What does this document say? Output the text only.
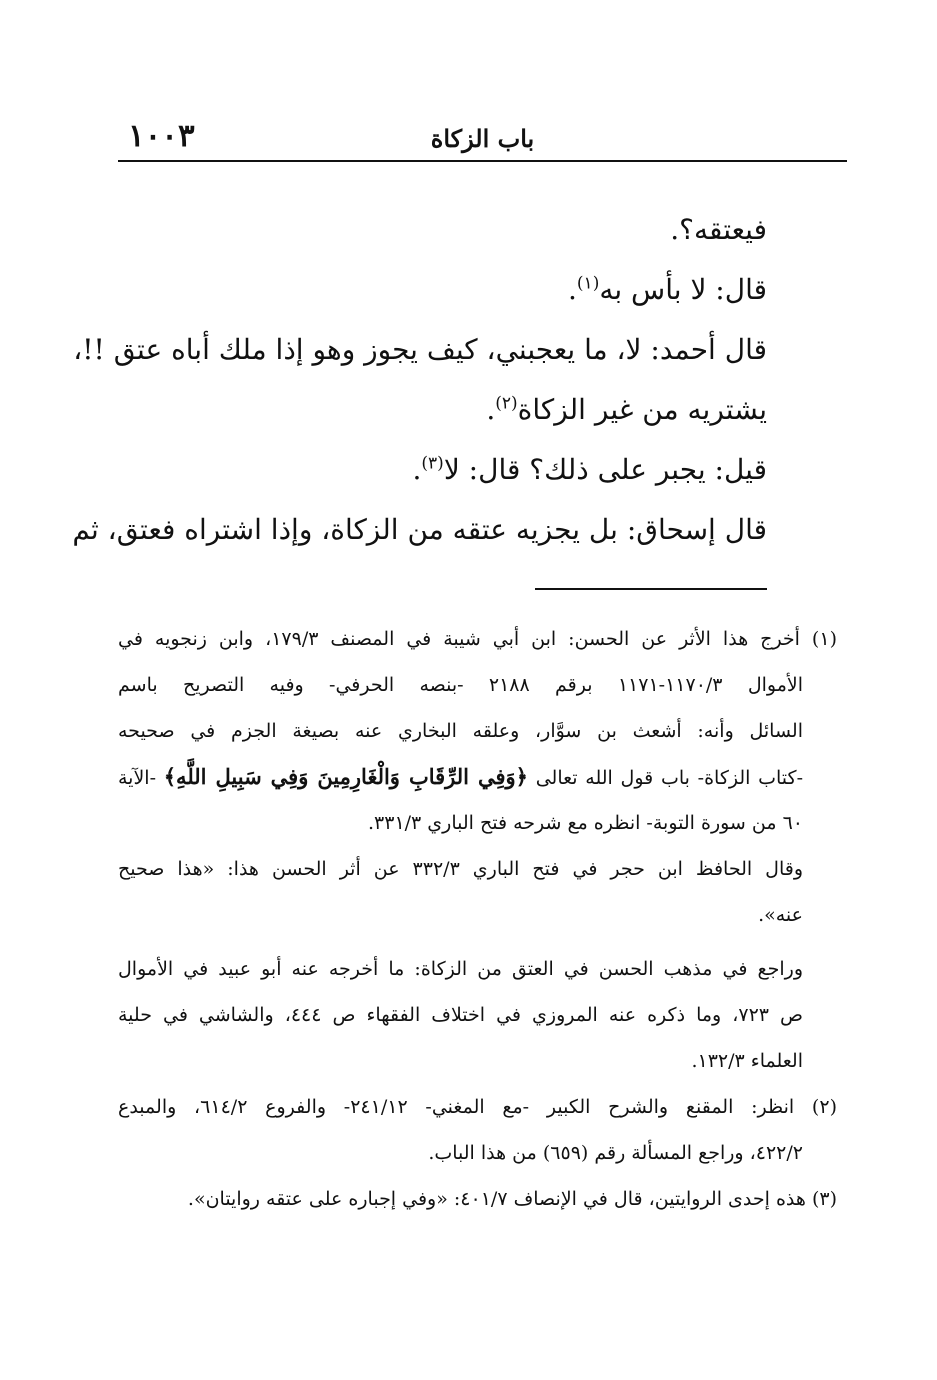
١٠٠٣	باب الزكاة
فيعتقه؟.
قال: لا بأس به$^{(١)}$.
قال أحمد: لا، ما يعجبني، كيف يجوز وهو إذا ملك أباه عتق !!،
يشتريه من غير الزكاة$^{(٢)}$.
قيل: يجبر على ذلك؟ قال: لا$^{(٣)}$.
قال إسحاق: بل يجزيه عتقه من الزكاة، وإذا اشتراه فعتق، ثم
(١) أخرج هذا الأثر عن الحسن: ابن أبي شيبة في المصنف ١٧٩/٣، وابن زنجويه في
الأموال ١١٧٠/٣-١١٧١ برقم ٢١٨٨ -بنصه الحرفي- وفيه التصريح باسم
السائل وأنه: أشعث بن سوَّار، وعلقه البخاري عنه بصيغة الجزم في صحيحه
-كتاب الزكاة- باب قول الله تعالى ﴿وَفِي الرِّقَابِ وَالْغَارِمِينَ وَفِي سَبِيلِ اللَّهِ﴾ -الآية
٦٠ من سورة التوبة- انظره مع شرحه فتح الباري ٣٣١/٣.
وقال الحافظ ابن حجر في فتح الباري ٣٣٢/٣ عن أثر الحسن هذا: «هذا صحيح
عنه».
وراجع في مذهب الحسن في العتق من الزكاة: ما أخرجه عنه أبو عبيد في الأموال
ص ٧٢٣، وما ذكره عنه المروزي في اختلاف الفقهاء ص ٤٤٤، والشاشي في حلية
العلماء ١٣٢/٣.
(٢) انظر: المقنع والشرح الكبير -مع المغني- ٢٤١/١٢- والفروع ٦١٤/٢، والمبدع
٤٢٢/٢، وراجع المسألة رقم (٦٥٩) من هذا الباب.
(٣) هذه إحدى الروايتين، قال في الإنصاف ٤٠١/٧: «وفي إجباره على عتقه روايتان».
